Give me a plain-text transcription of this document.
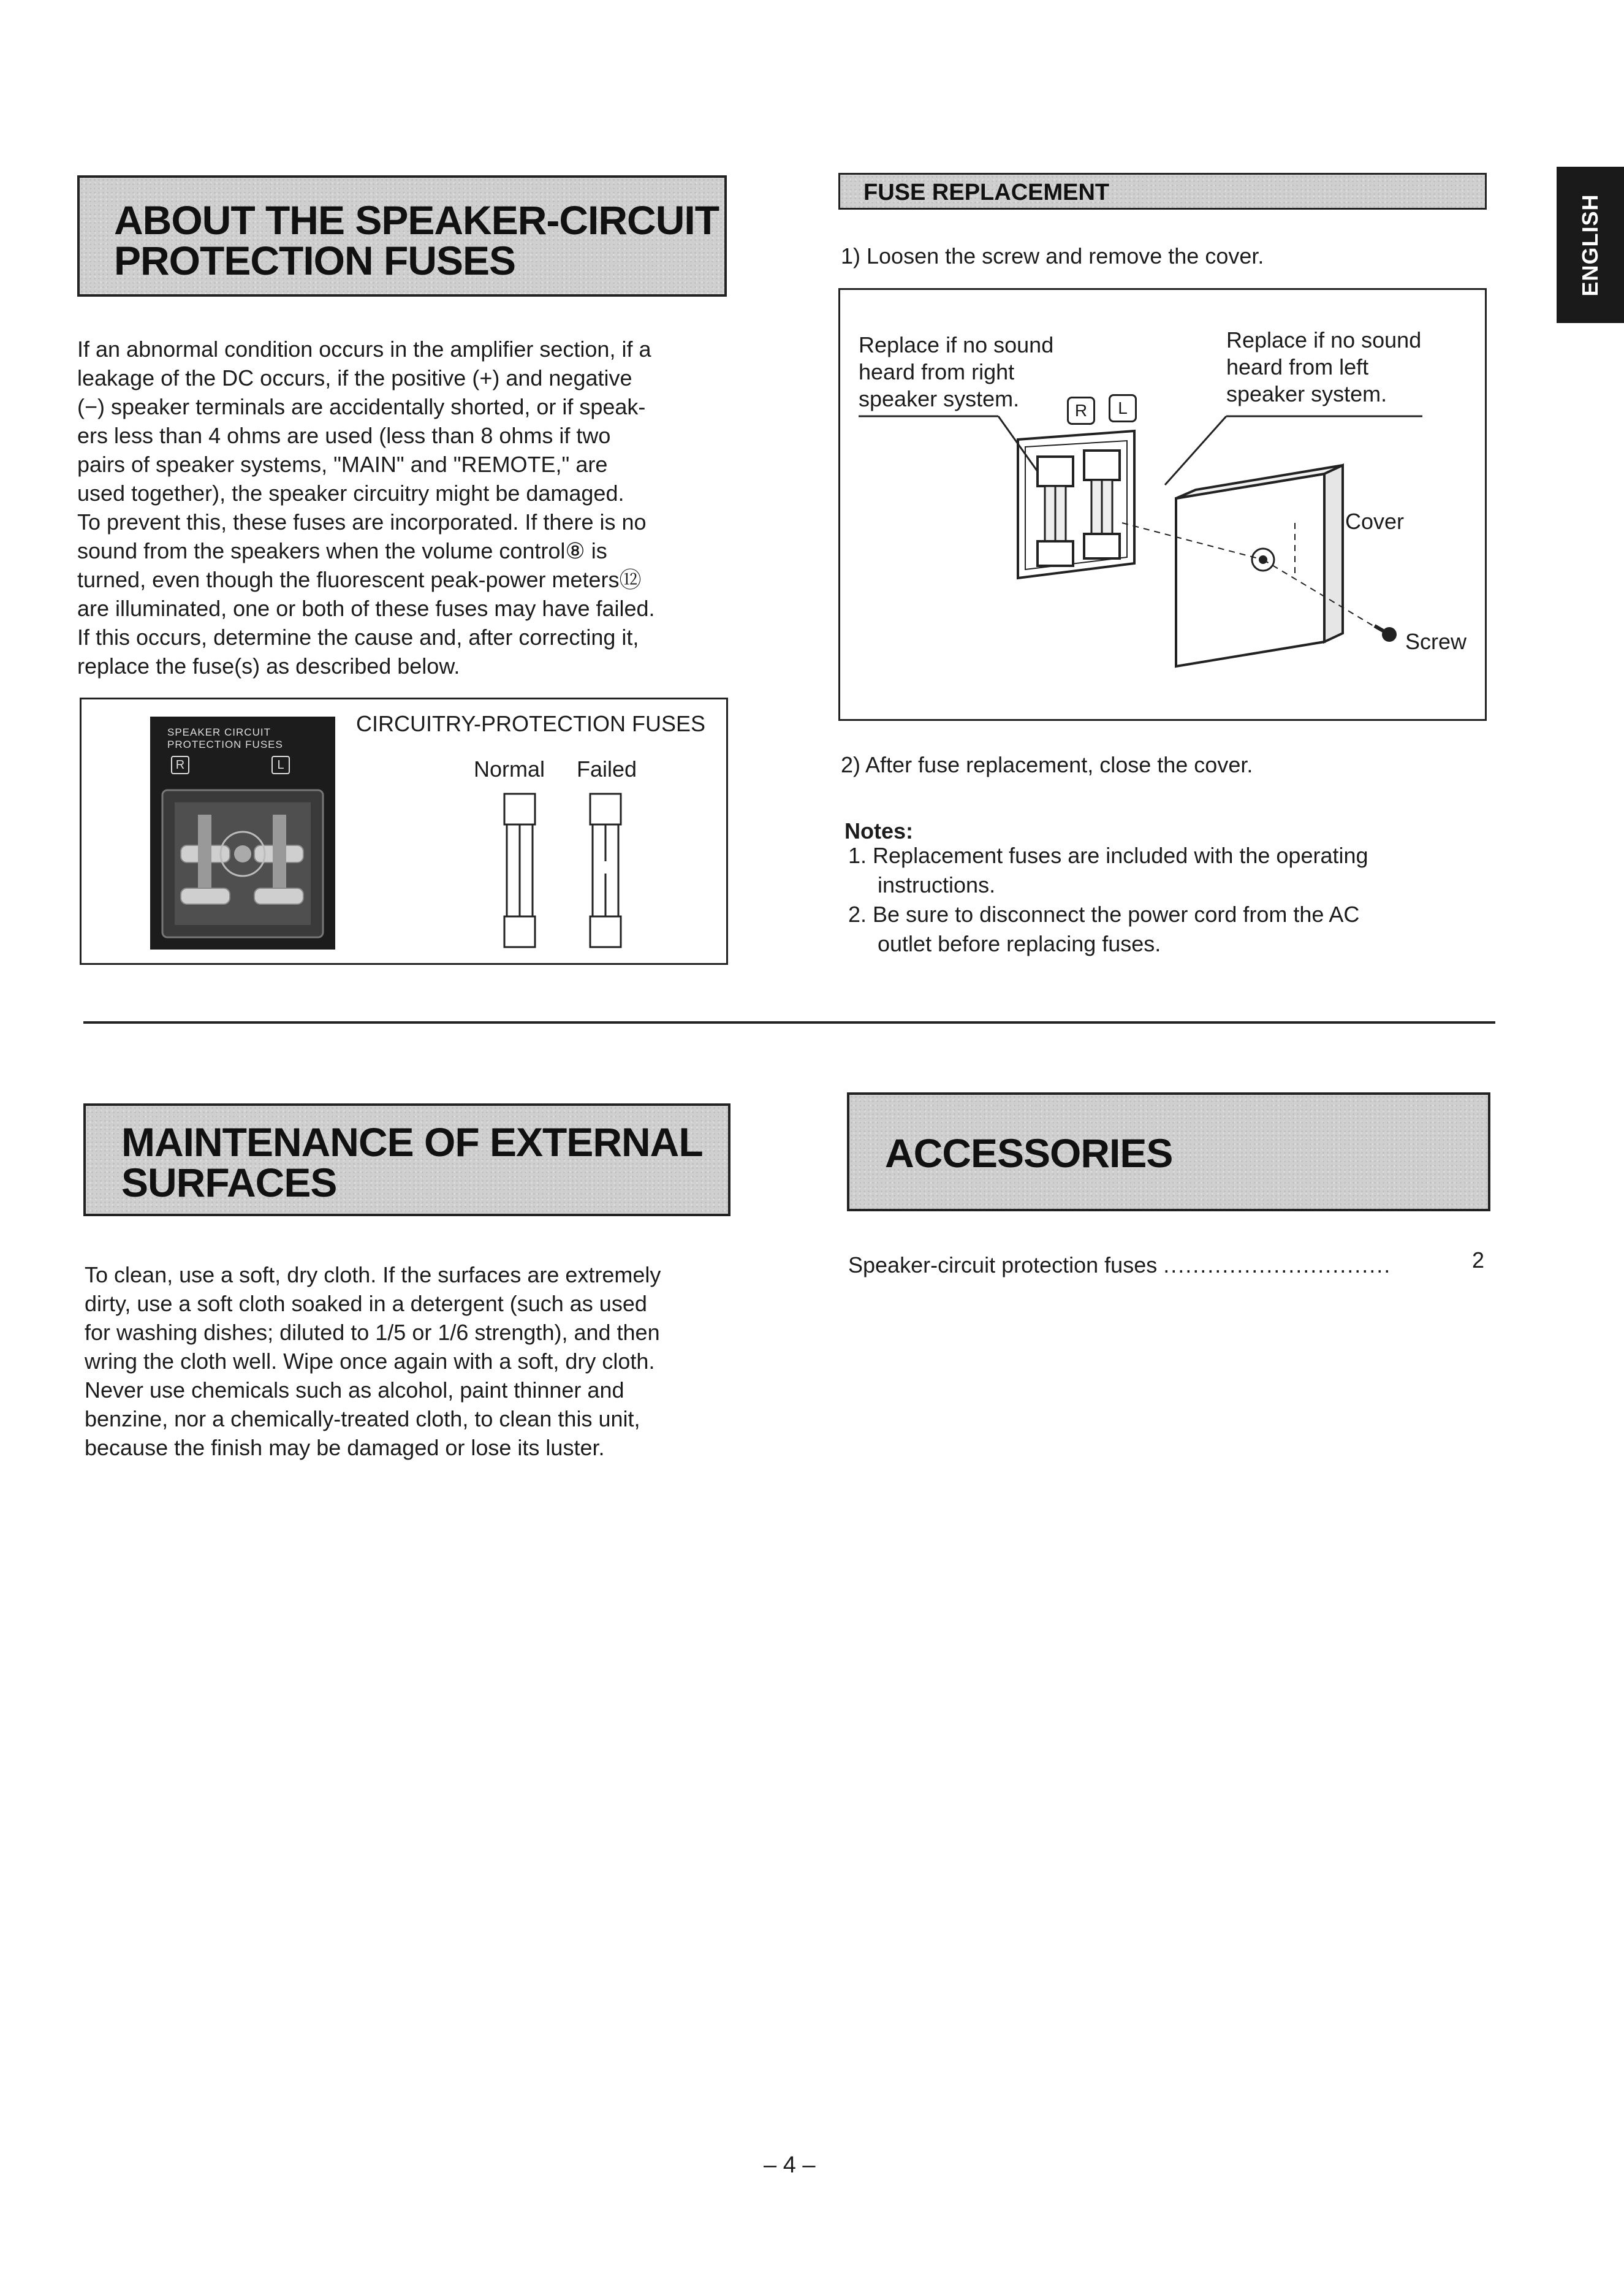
ENGLISH
ABOUT THE SPEAKER-CIRCUIT
PROTECTION FUSES
If an abnormal condition occurs in the amplifier section, if a
leakage of the DC occurs, if the positive (+) and negative
(−) speaker terminals are accidentally shorted, or if speak-
ers less than 4 ohms are used (less than 8 ohms if two
pairs of speaker systems, "MAIN" and "REMOTE," are
used together), the speaker circuitry might be damaged.
To prevent this, these fuses are incorporated. If there is no
sound from the speakers when the volume control⑧ is
turned, even though the fluorescent peak-power meters⑫
are illuminated, one or both of these fuses may have failed.
If this occurs, determine the cause and, after correcting it,
replace the fuse(s) as described below.
SPEAKER CIRCUIT
PROTECTION FUSES
R	L
CIRCUITRY-PROTECTION FUSES
Normal Failed
FUSE REPLACEMENT
1) Loosen the screw and remove the cover.
Replace if no sound
heard from right
speaker system.
Replace if no sound
heard from left
speaker system.
R	L
Cover
Screw
2) After fuse replacement, close the cover.
Notes:
1. Replacement fuses are included with the operating
instructions.
2. Be sure to disconnect the power cord from the AC
outlet before replacing fuses.
MAINTENANCE OF EXTERNAL
SURFACES
To clean, use a soft, dry cloth. If the surfaces are extremely
dirty, use a soft cloth soaked in a detergent (such as used
for washing dishes; diluted to 1/5 or 1/6 strength), and then
wring the cloth well. Wipe once again with a soft, dry cloth.
Never use chemicals such as alcohol, paint thinner and
benzine, nor a chemically-treated cloth, to clean this unit,
because the finish may be damaged or lose its luster.
ACCESSORIES
Speaker-circuit protection fuses ...............................	2
– 4 –
